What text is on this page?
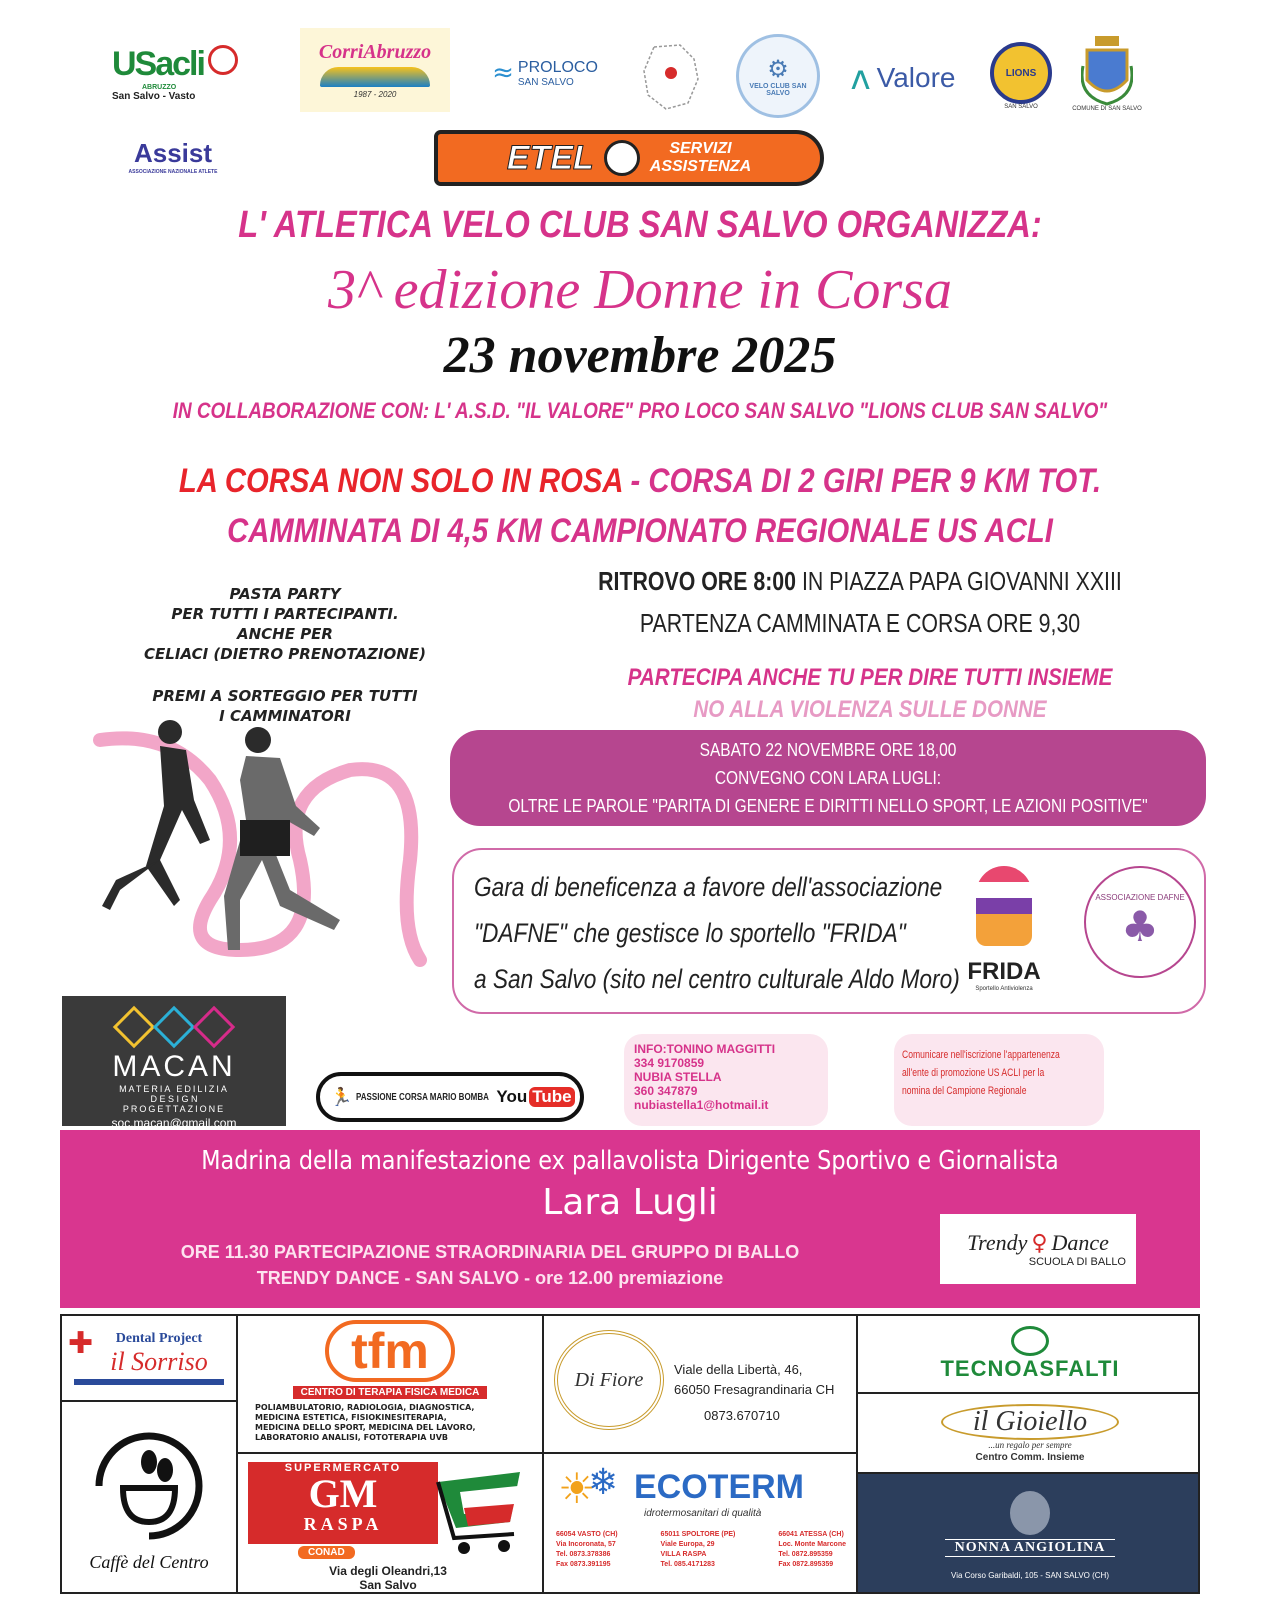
USacli
ABRUZZO
San Salvo - Vasto
CorriAbruzzo
1987 - 2020
≈ PROLOCO
SAN SALVO	⚙
VELO CLUB SAN SALVO	ᴧ Valore	LIONS
SAN SALVO	COMUNE DI SAN SALVO
Assist
ASSOCIAZIONE NAZIONALE ATLETE	ETEL	SERVIZI
ASSISTENZA
L' ATLETICA VELO CLUB SAN SALVO ORGANIZZA:
3^ edizione Donne in Corsa
23 novembre 2025
IN COLLABORAZIONE CON: L' A.S.D. "IL VALORE" PRO LOCO SAN SALVO "LIONS CLUB SAN SALVO"
LA CORSA NON SOLO IN ROSA - CORSA DI 2 GIRI PER 9 KM TOT.
CAMMINATA DI 4,5 KM CAMPIONATO REGIONALE US ACLI
RITROVO ORE 8:00 IN PIAZZA PAPA GIOVANNI XXIII
PARTENZA CAMMINATA E CORSA ORE 9,30
PASTA PARTY
PER TUTTI I PARTECIPANTI.
ANCHE PER
CELIACI (DIETRO PRENOTAZIONE)
PREMI A SORTEGGIO PER TUTTI
I CAMMINATORI
PARTECIPA ANCHE TU PER DIRE TUTTI INSIEME
NO ALLA VIOLENZA SULLE DONNE
SABATO 22 NOVEMBRE ORE 18,00
CONVEGNO CON LARA LUGLI:
OLTRE LE PAROLE "PARITA DI GENERE E DIRITTI NELLO SPORT, LE AZIONI POSITIVE"
Gara di beneficenza a favore dell'associazione
"DAFNE" che gestisce lo sportello "FRIDA"
a San Salvo (sito nel centro culturale Aldo Moro) FRIDA
Sportello Antiviolenza
ASSOCIAZIONE DAFNE
♣
MACAN
MATERIA EDILIZIA
D E S I G N
PROGETTAZIONE
soc.macan@gmail.com
🏃 PASSIONE CORSA MARIO BOMBA You Tube
INFO:TONINO MAGGITTI
334 9170859
NUBIA STELLA
360 347879
nubiastella1@hotmail.it
Comunicare nell'iscrizione l'appartenenza
all'ente di promozione US ACLI per la
nomina del Campione Regionale
Madrina della manifestazione ex pallavolista Dirigente Sportivo e Giornalista
Lara Lugli
ORE 11.30 PARTECIPAZIONE STRAORDINARIA DEL GRUPPO DI BALLO
TRENDY DANCE - SAN SALVO - ore 12.00 premiazione
Trendy ♀ Dance
SCUOLA DI BALLO
✚ Dental Project
il Sorriso	tfm
CENTRO DI TERAPIA FISICA MEDICA
POLIAMBULATORIO, RADIOLOGIA, DIAGNOSTICA,
MEDICINA ESTETICA, FISIOKINESITERAPIA,
MEDICINA DELLO SPORT, MEDICINA DEL LAVORO,
LABORATORIO ANALISI, FOTOTERAPIA UVB
Di Fiore Viale della Libertà, 46,
66050 Fresagrandinaria CH
0873.670710
TECNOASFALTI
il Gioiello
...un regalo per sempre
Centro Comm. Insieme
Caffè del Centro
SUPERMERCATO
GM
RASPA
CONAD
Via degli Oleandri,13
San Salvo
☀
❄ ECOTERM
idrotermosanitari di qualità
66054 VASTO (CH)
Via Incoronata, 57
Tel. 0873.378386
Fax 0873.391195
65011 SPOLTORE (PE)
Viale Europa, 29
VILLA RASPA
Tel. 085.4171283
66041 ATESSA (CH)
Loc. Monte Marcone
Tel. 0872.895359
Fax 0872.895359
NONNA ANGIOLINA
Via Corso Garibaldi, 105 - SAN SALVO (CH)
